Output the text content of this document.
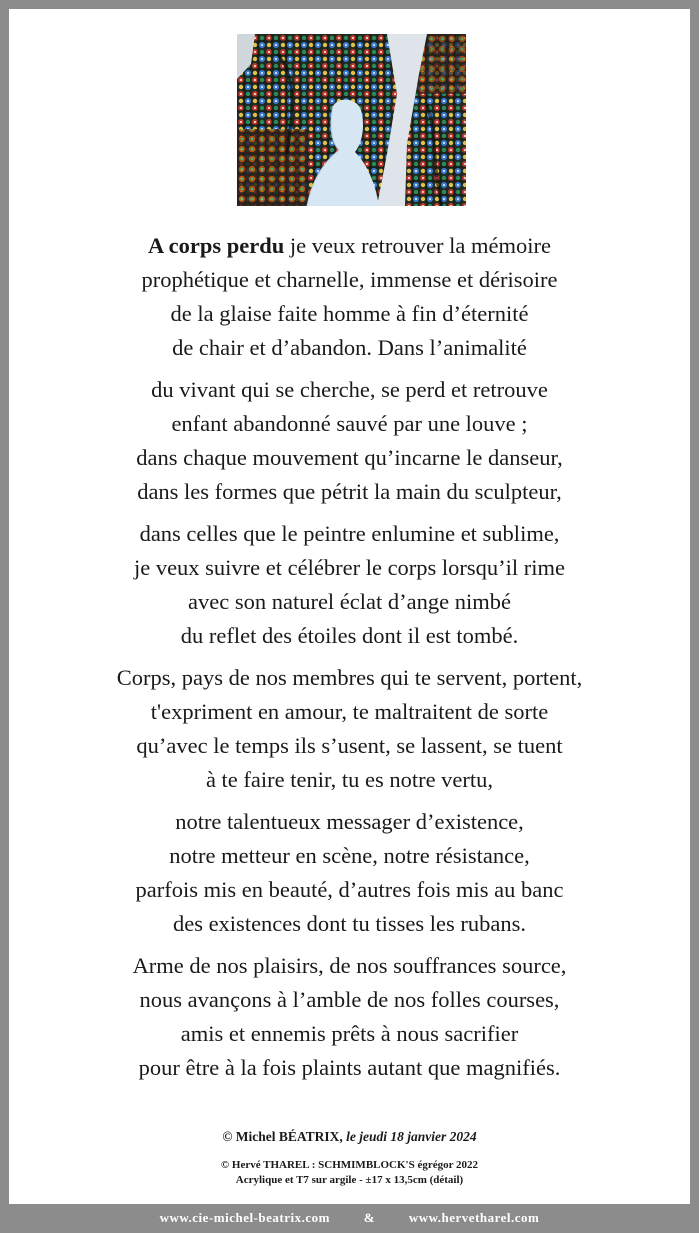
A corps perdu je veux retrouver la mémoire
prophétique et charnelle, immense et dérisoire
de la glaise faite homme à fin d’éternité
de chair et d’abandon. Dans l’animalité
du vivant qui se cherche, se perd et retrouve
enfant abandonné sauvé par une louve ;
dans chaque mouvement qu’incarne le danseur,
dans les formes que pétrit la main du sculpteur,
dans celles que le peintre enlumine et sublime,
je veux suivre et célébrer le corps lorsqu’il rime
avec son naturel éclat d’ange nimbé
du reflet des étoiles dont il est tombé.
Corps, pays de nos membres qui te servent, portent,
t'expriment en amour, te maltraitent de sorte
qu’avec le temps ils s’usent, se lassent, se tuent
à te faire tenir, tu es notre vertu,
notre talentueux messager d’existence,
notre metteur en scène, notre résistance,
parfois mis en beauté, d’autres fois mis au banc
des existences dont tu tisses les rubans.
Arme de nos plaisirs, de nos souffrances source,
nous avançons à l’amble de nos folles courses,
amis et ennemis prêts à nous sacrifier
pour être à la fois plaints autant que magnifiés.
© Michel BÉATRIX, le jeudi 18 janvier 2024
© Hervé THAREL : SCHMIMBLOCK'S égrégor 2022
Acrylique et T7 sur argile - ±17 x 13,5cm (détail)
www.cie-michel-beatrix.com	&	www.hervetharel.com
